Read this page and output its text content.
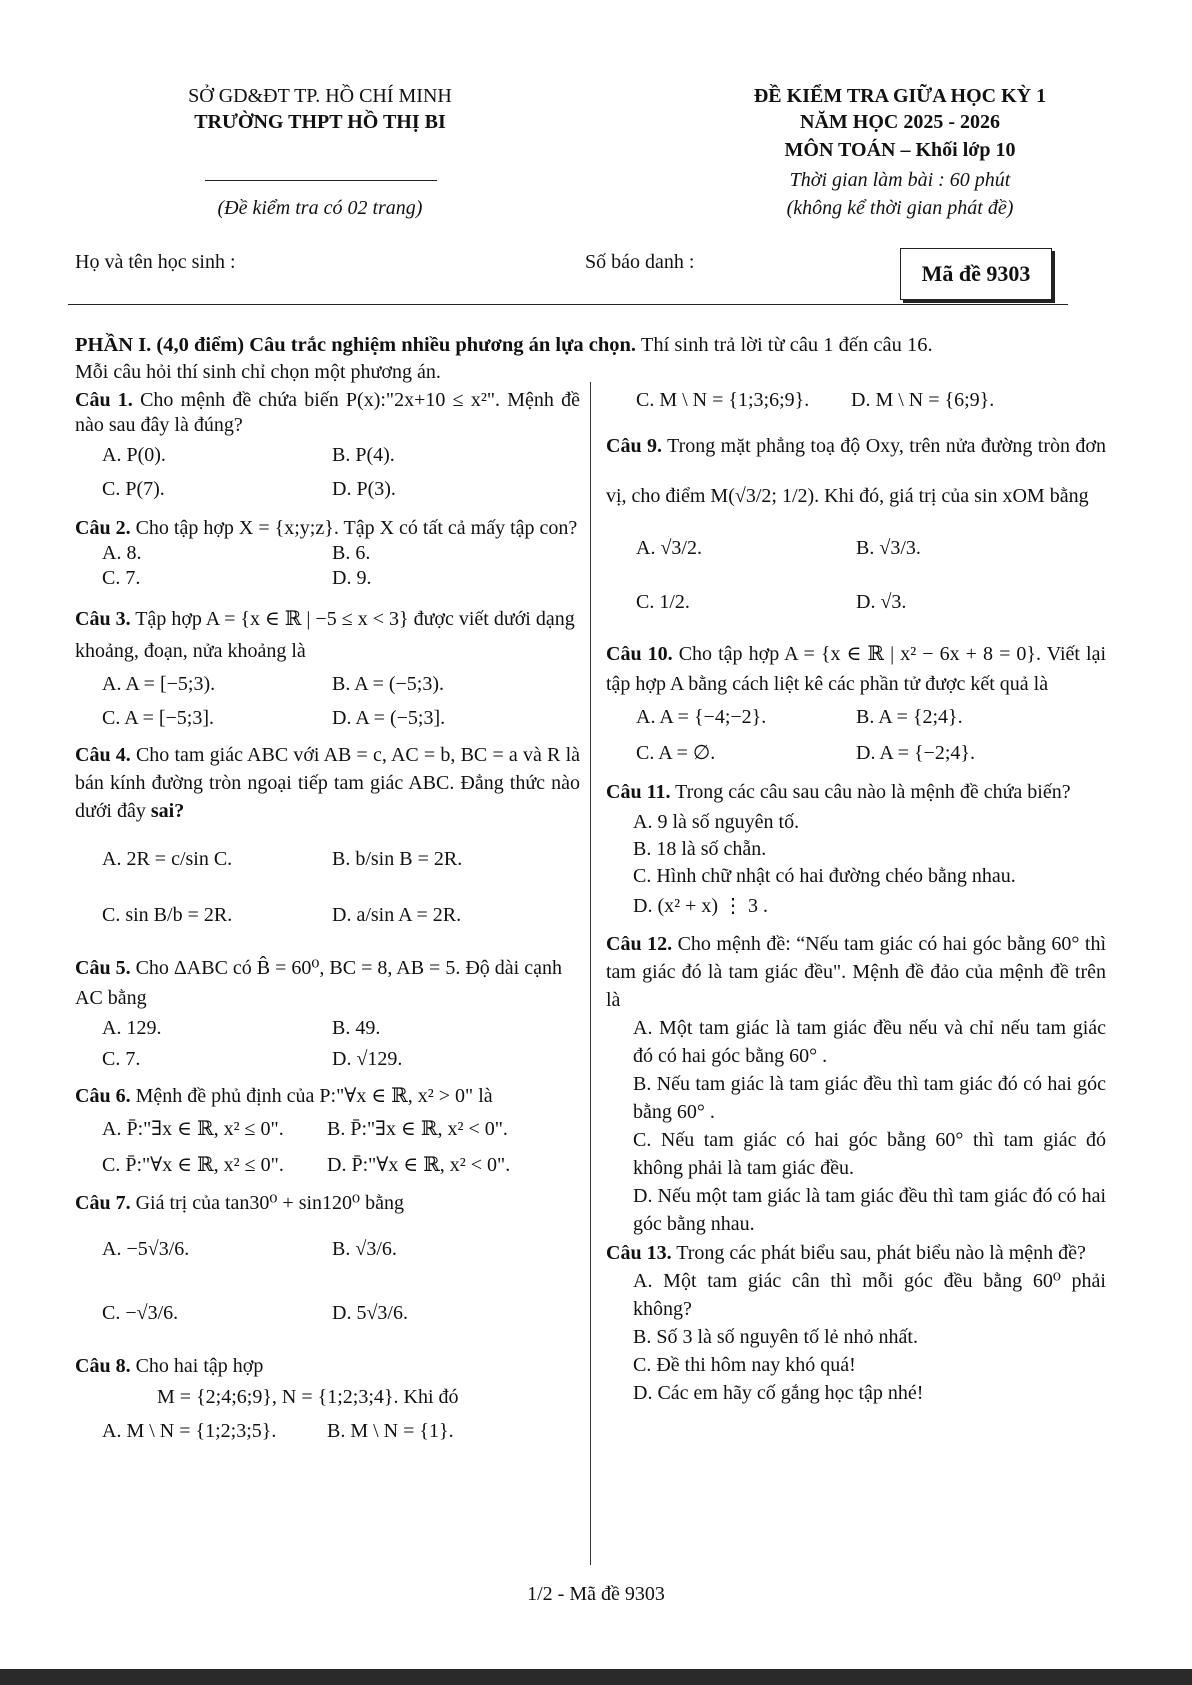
SỞ GD&ĐT TP. HỒ CHÍ MINH
TRƯỜNG THPT HỒ THỊ BI
(Đề kiểm tra có 02 trang)
ĐỀ KIỂM TRA GIỮA HỌC KỲ 1
NĂM HỌC 2025 - 2026
MÔN TOÁN – Khối lớp 10
Thời gian làm bài : 60 phút
(không kể thời gian phát đề)
Họ và tên học sinh :	Số báo danh :	Mã đề 9303
PHẦN I. (4,0 điểm) Câu trắc nghiệm nhiều phương án lựa chọn. Thí sinh trả lời từ câu 1 đến câu 16.
Mỗi câu hỏi thí sinh chỉ chọn một phương án.

Câu 1. Cho mệnh đề chứa biến P(x):"2x+10 ≤ x²". Mệnh đề nào sau đây là đúng?

A. P(0).	B. P(4).
C. P(7).	D. P(3).

Câu 2. Cho tập hợp X = {x;y;z}. Tập X có tất cả mấy tập con?

A. 8.	B. 6.
C. 7.	D. 9.

Câu 3. Tập hợp A = {x ∈ ℝ | −5 ≤ x < 3} được viết dưới dạng khoảng, đoạn, nửa khoảng là

A. A = [−5;3).	B. A = (−5;3).
C. A = [−5;3].	D. A = (−5;3].

Câu 4. Cho tam giác ABC với AB = c, AC = b, BC = a và R là bán kính đường tròn ngoại tiếp tam giác ABC. Đẳng thức nào dưới đây sai?

A. 2R = c/sin C.	B. b/sin B = 2R.
C. sin B/b = 2R.	D. a/sin A = 2R.

Câu 5. Cho ΔABC có B̂ = 60⁰, BC = 8, AB = 5. Độ dài cạnh AC bằng

A. 129.	B. 49.
C. 7.	D. √129.

Câu 6. Mệnh đề phủ định của P:"∀x ∈ ℝ, x² > 0" là

A. P̄:"∃x ∈ ℝ, x² ≤ 0".	B. P̄:"∃x ∈ ℝ, x² < 0".
C. P̄:"∀x ∈ ℝ, x² ≤ 0".	D. P̄:"∀x ∈ ℝ, x² < 0".

Câu 7. Giá trị của tan30⁰ + sin120⁰ bằng

A. −5√3/6.	B. √3/6.
C. −√3/6.	D. 5√3/6.

Câu 8. Cho hai tập hợp

M = {2;4;6;9}, N = {1;2;3;4}. Khi đó

A. M \ N = {1;2;3;5}.	B. M \ N = {1}.
C. M \ N = {1;3;6;9}.	D. M \ N = {6;9}.

Câu 9. Trong mặt phẳng toạ độ Oxy, trên nửa đường tròn đơn vị, cho điểm M(√3/2; 1/2). Khi đó, giá trị của sin xOM bằng

A. √3/2.	B. √3/3.
C. 1/2.	D. √3.

Câu 10. Cho tập hợp A = {x ∈ ℝ | x² − 6x + 8 = 0}. Viết lại tập hợp A bằng cách liệt kê các phần tử được kết quả là

A. A = {−4;−2}.	B. A = {2;4}.
C. A = ∅.	D. A = {−2;4}.

Câu 11. Trong các câu sau câu nào là mệnh đề chứa biến?

A. 9 là số nguyên tố.
B. 18 là số chẵn.
C. Hình chữ nhật có hai đường chéo bằng nhau.
D. (x² + x) ⋮ 3 .

Câu 12. Cho mệnh đề: “Nếu tam giác có hai góc bằng 60° thì tam giác đó là tam giác đều". Mệnh đề đảo của mệnh đề trên là

A. Một tam giác là tam giác đều nếu và chỉ nếu tam giác đó có hai góc bằng 60° .
B. Nếu tam giác là tam giác đều thì tam giác đó có hai góc bằng 60° .
C. Nếu tam giác có hai góc bằng 60° thì tam giác đó không phải là tam giác đều.
D. Nếu một tam giác là tam giác đều thì tam giác đó có hai góc bằng nhau.

Câu 13. Trong các phát biểu sau, phát biểu nào là mệnh đề?

A. Một tam giác cân thì mỗi góc đều bằng 60⁰ phải không?
B. Số 3 là số nguyên tố lẻ nhỏ nhất.
C. Đề thi hôm nay khó quá!
D. Các em hãy cố gắng học tập nhé!
1/2 - Mã đề 9303
